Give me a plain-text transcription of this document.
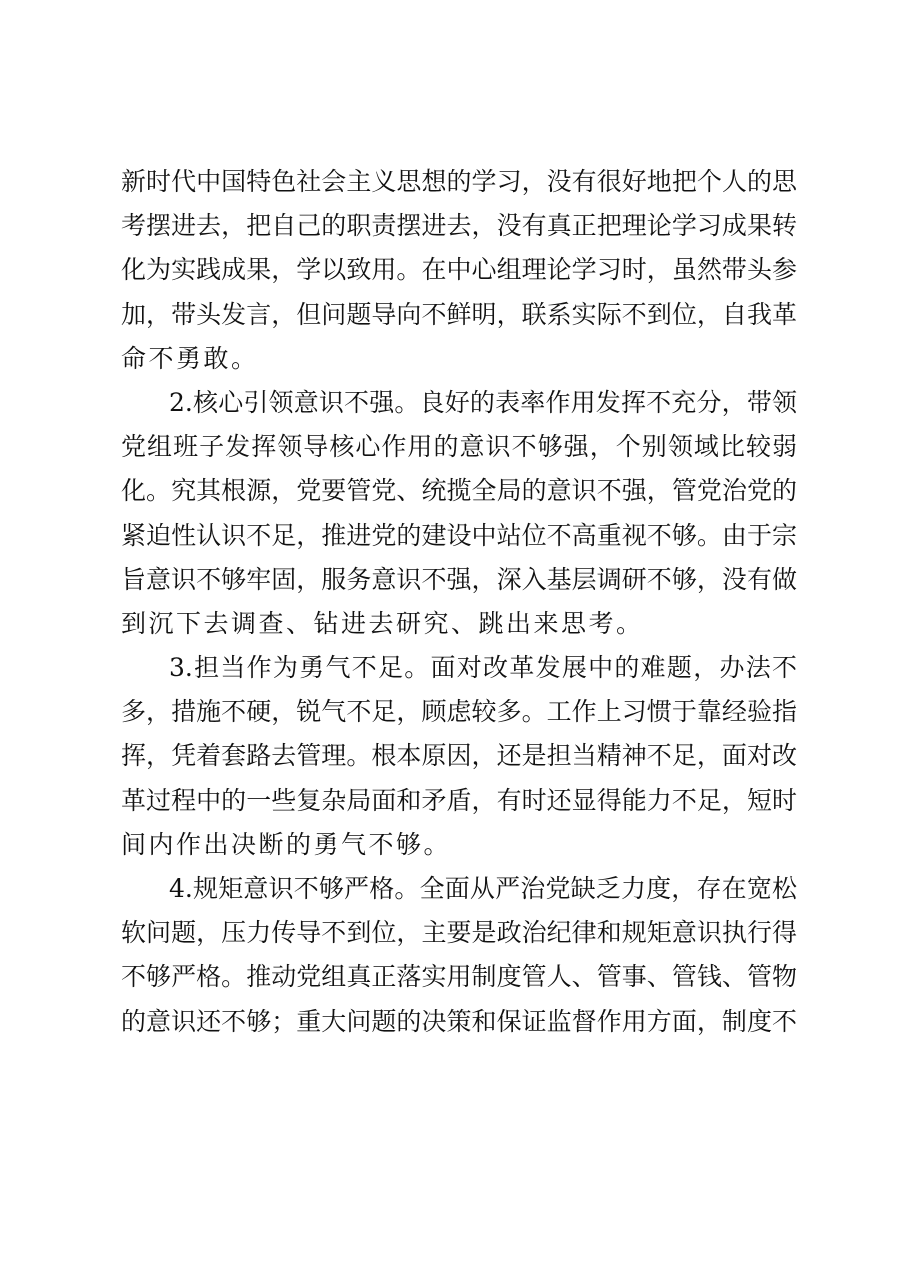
新时代中国特色社会主义思想的学习，没有很好地把个人的思
考摆进去，把自己的职责摆进去，没有真正把理论学习成果转
化为实践成果，学以致用。在中心组理论学习时，虽然带头参
加，带头发言，但问题导向不鲜明，联系实际不到位，自我革
命不勇敢。
2.核心引领意识不强。良好的表率作用发挥不充分，带领
党组班子发挥领导核心作用的意识不够强，个别领域比较弱
化。究其根源，党要管党、统揽全局的意识不强，管党治党的
紧迫性认识不足，推进党的建设中站位不高重视不够。由于宗
旨意识不够牢固，服务意识不强，深入基层调研不够，没有做
到沉下去调查、钻进去研究、跳出来思考。
3.担当作为勇气不足。面对改革发展中的难题，办法不
多，措施不硬，锐气不足，顾虑较多。工作上习惯于靠经验指
挥，凭着套路去管理。根本原因，还是担当精神不足，面对改
革过程中的一些复杂局面和矛盾，有时还显得能力不足，短时
间内作出决断的勇气不够。
4.规矩意识不够严格。全面从严治党缺乏力度，存在宽松
软问题，压力传导不到位，主要是政治纪律和规矩意识执行得
不够严格。推动党组真正落实用制度管人、管事、管钱、管物
的意识还不够；重大问题的决策和保证监督作用方面，制度不
